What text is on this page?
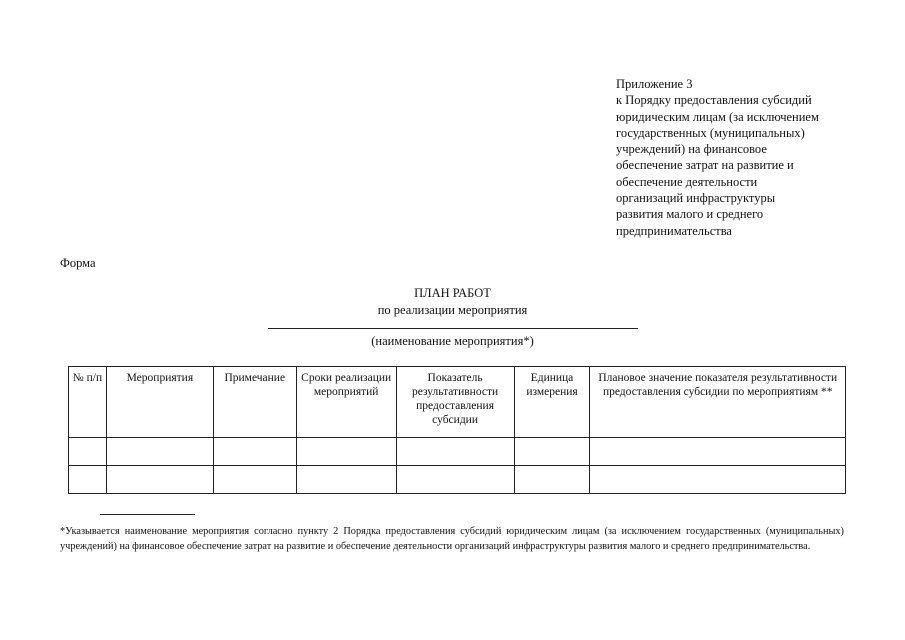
Приложение 3
к Порядку предоставления субсидий
юридическим лицам (за исключением
государственных (муниципальных)
учреждений) на финансовое
обеспечение затрат на развитие и
обеспечение деятельности
организаций инфраструктуры
развития малого и среднего
предпринимательства
Форма
ПЛАН РАБОТ
по реализации мероприятия
(наименование мероприятия*)
№ п/п	Мероприятия	Примечание	Сроки реализации мероприятий	Показатель результативности предоставления субсидии	Единица измерения	Плановое значение показателя результативности предоставления субсидии по мероприятиям **

*Указывается наименование мероприятия согласно пункту 2 Порядка предоставления субсидий юридическим лицам (за исключением государственных (муниципальных) учреждений) на финансовое обеспечение затрат на развитие и обеспечение деятельности организаций инфраструктуры развития малого и среднего предпринимательства.
